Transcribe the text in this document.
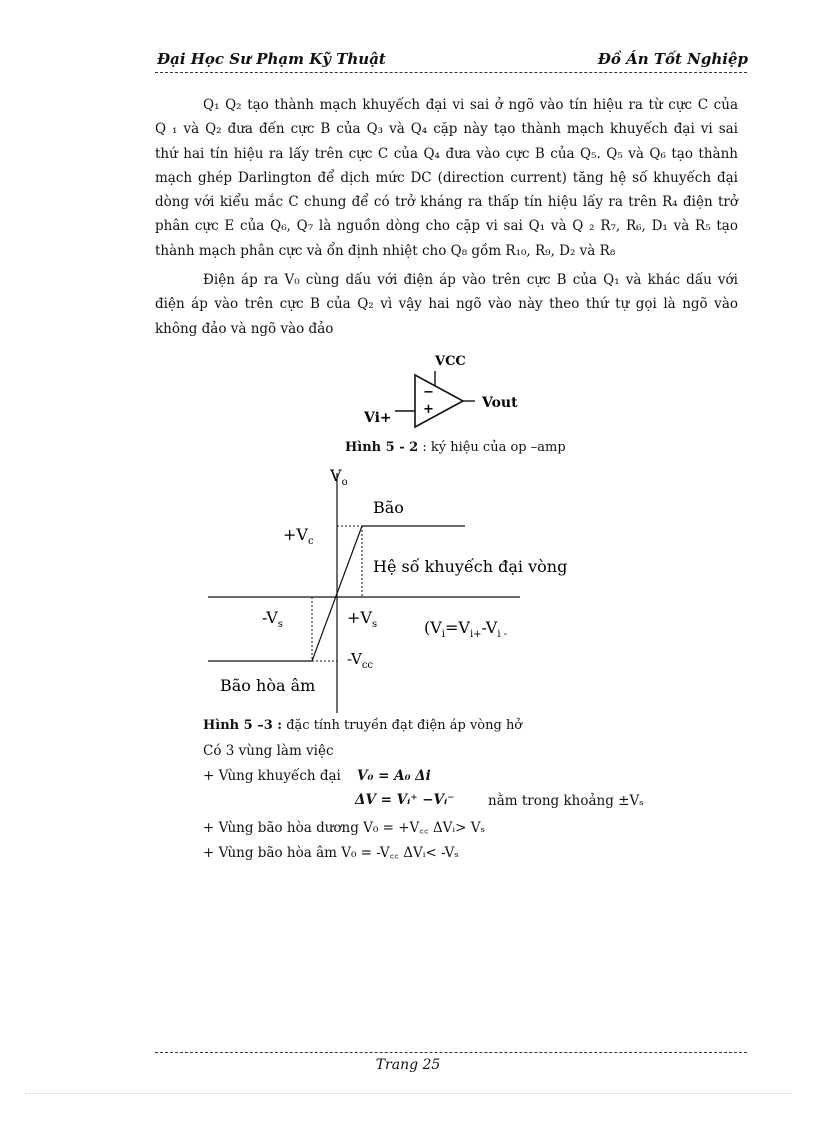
Đại Học Sư Phạm Kỹ Thuật	Đồ Án Tốt Nghiệp
Q₁ Q₂ tạo thành mạch khuyếch đại vi sai ở ngõ vào tín hiệu ra từ cực C của
Q ₁ và Q₂ đưa đến cực B của Q₃ và Q₄ cặp này tạo thành mạch khuyếch đại vi sai
thứ hai tín hiệu ra lấy trên cực C của Q₄ đưa vào cực B của Q₅. Q₅ và Q₆ tạo thành
mạch ghép Darlington để dịch mức DC (direction current) tăng hệ số khuyếch đại
dòng với kiểu mắc C chung để có trở kháng ra thấp tín hiệu lấy ra trên R₄ điện trở
phân cực E của Q₆, Q₇ là nguồn dòng cho cặp vi sai Q₁ và Q ₂ R₇, R₆, D₁ và R₅ tạo
thành mạch phân cực và ổn định nhiệt cho Q₈ gồm R₁₀, R₉, D₂ và R₈
Điện áp ra V₀ cùng dấu với điện áp vào trên cực B của Q₁ và khác dấu với
điện áp vào trên cực B của Q₂ vì vậy hai ngõ vào này theo thứ tự gọi là ngõ vào
không đảo và ngõ vào đảo
VCC
−
+	Vout
Vi+
Hình 5 - 2 : ký hiệu của op –amp
$V_o$
Bão
$+V_c$
Hệ số khuyếch đại vòng
$-V_s$	$+V_s$	($V_i=V_{i+}-V_{i -}$
$-V_{cc}$
Bão hòa âm
Hình 5 –3 : đặc tính truyền đạt điện áp vòng hở
Có 3 vùng làm việc
+ Vùng khuyếch đại V₀ = A₀ Δi
ΔV = Vᵢ⁺ −Vᵢ⁻ nằm trong khoảng ±Vₛ
+ Vùng bão hòa dương V₀ = +V꜀꜀ ΔVᵢ> Vₛ
+ Vùng bão hòa âm V₀ = -V꜀꜀ ΔVᵢ< -Vₛ
Trang 25
